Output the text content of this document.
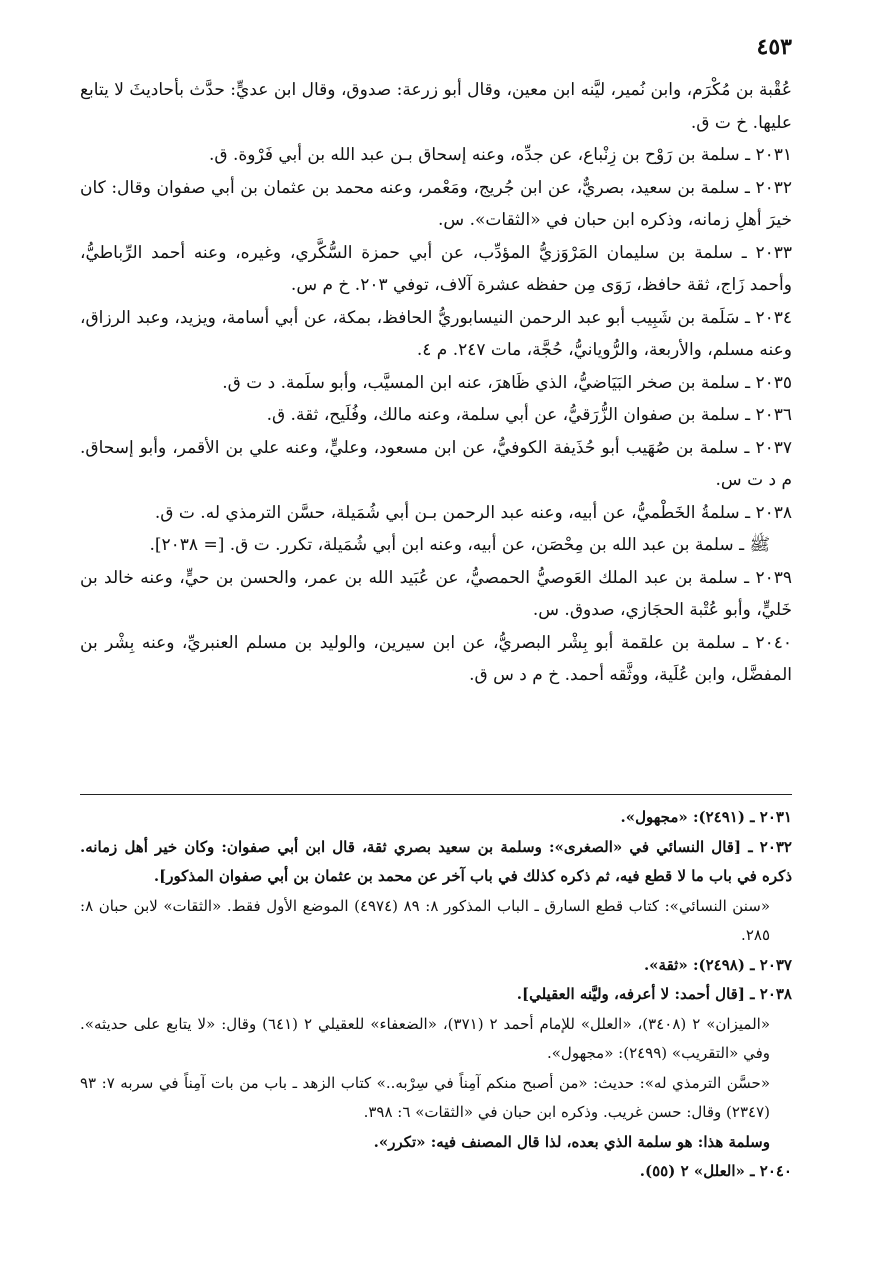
٤٥٣

عُقْبة بن مُكْرَم، وابن نُمير، ليَّنه ابن معين، وقال أبو زرعة: صدوق، وقال ابن عديٍّ: حدَّث بأحاديثَ لا يتابع عليها. خ ت ق.

٢٠٣١ ـ سلمة بن رَوْح بن زِنْباع، عن جدِّه، وعنه إسحاق بـن عبد الله بن أبي فَرْوة. ق.

٢٠٣٢ ـ سلمة بن سعيد، بصريٌّ، عن ابن جُريج، ومَعْمر، وعنه محمد بن عثمان بن أبي صفوان وقال: كان خيرَ أهلِ زمانه، وذكره ابن حبان في «الثقات». س.

٢٠٣٣ ـ سلمة بن سليمان المَرْوَزيُّ المؤدِّب، عن أبي حمزة السُّكَّري، وغيره، وعنه أحمد الرِّباطيُّ، وأحمد زَاج، ثقة حافظ، رَوَى مِن حفظه عشرة آلاف، توفي ٢٠٣. خ م س.

٢٠٣٤ ـ سَلَمة بن شَبِيب أبو عبد الرحمن النيسابوريُّ الحافظ، بمكة، عن أبي أسامة، ويزيد، وعبد الرزاق، وعنه مسلم، والأربعة، والرُّويانيُّ، حُجَّة، مات ٢٤٧. م ٤.

٢٠٣٥ ـ سلمة بن صخر البَيَاضيُّ، الذي ظَاهرَ، عنه ابن المسيَّب، وأبو سلَمة. د ت ق.

٢٠٣٦ ـ سلمة بن صفوان الزُّرَقيُّ، عن أبي سلمة، وعنه مالك، وفُلَيح، ثقة. ق.

٢٠٣٧ ـ سلمة بن صُهَيب أبو حُذَيفة الكوفيُّ، عن ابن مسعود، وعليٍّ، وعنه علي بن الأقمر، وأبو إسحاق. م د ت س.

٢٠٣٨ ـ سلمةُ الخَطْميُّ، عن أبيه، وعنه عبد الرحمن بـن أبي شُمَيلة، حسَّن الترمذي له. ت ق.

ﷺ ـ سلمة بن عبد الله بن مِحْصَن، عن أبيه، وعنه ابن أبي شُمَيلة، تكرر. ت ق. [= ٢٠٣٨].

٢٠٣٩ ـ سلمة بن عبد الملك العَوصيُّ الحمصيُّ، عن عُبَيد الله بن عمر، والحسن بن حيٍّ، وعنه خالد بن خَليٍّ، وأبو عُتْبة الحجَازي، صدوق. س.

٢٠٤٠ ـ سلمة بن علقمة أبو بِشْر البصريُّ، عن ابن سيرين، والوليد بن مسلم العنبريِّ، وعنه بِشْر بن المفضَّل، وابن عُلَية، ووثَّقه أحمد. خ م د س ق.

٢٠٣١ ـ (٢٤٩١): «مجهول».

٢٠٣٢ ـ [قال النسائي في «الصغرى»: وسلمة بن سعيد بصري ثقة، قال ابن أبي صفوان: وكان خير أهل زمانه. ذكره في باب ما لا قطع فيه، ثم ذكره كذلك في باب آخر عن محمد بن عثمان بن أبي صفوان المذكور].

«سنن النسائي»: كتاب قطع السارق ـ الباب المذكور ٨: ٨٩ (٤٩٧٤) الموضع الأول فقط. «الثقات» لابن حبان ٨: ٢٨٥.

٢٠٣٧ ـ (٢٤٩٨): «ثقة».

٢٠٣٨ ـ [قال أحمد: لا أعرفه، وليَّنه العقيلي].

«الميزان» ٢ (٣٤٠٨)، «العلل» للإمام أحمد ٢ (٣٧١)، «الضعفاء» للعقيلي ٢ (٦٤١) وقال: «لا يتابع على حديثه». وفي «التقريب» (٢٤٩٩): «مجهول».

«حسَّن الترمذي له»: حديث: «من أصبح منكم آمِناً في سِرْبه..» كتاب الزهد ـ باب من بات آمِناً في سربه ٧: ٩٣ (٢٣٤٧) وقال: حسن غريب. وذكره ابن حبان في «الثقات» ٦: ٣٩٨.

وسلمة هذا: هو سلمة الذي بعده، لذا قال المصنف فيه: «تكرر».

٢٠٤٠ ـ «العلل» ٢ (٥٥).
